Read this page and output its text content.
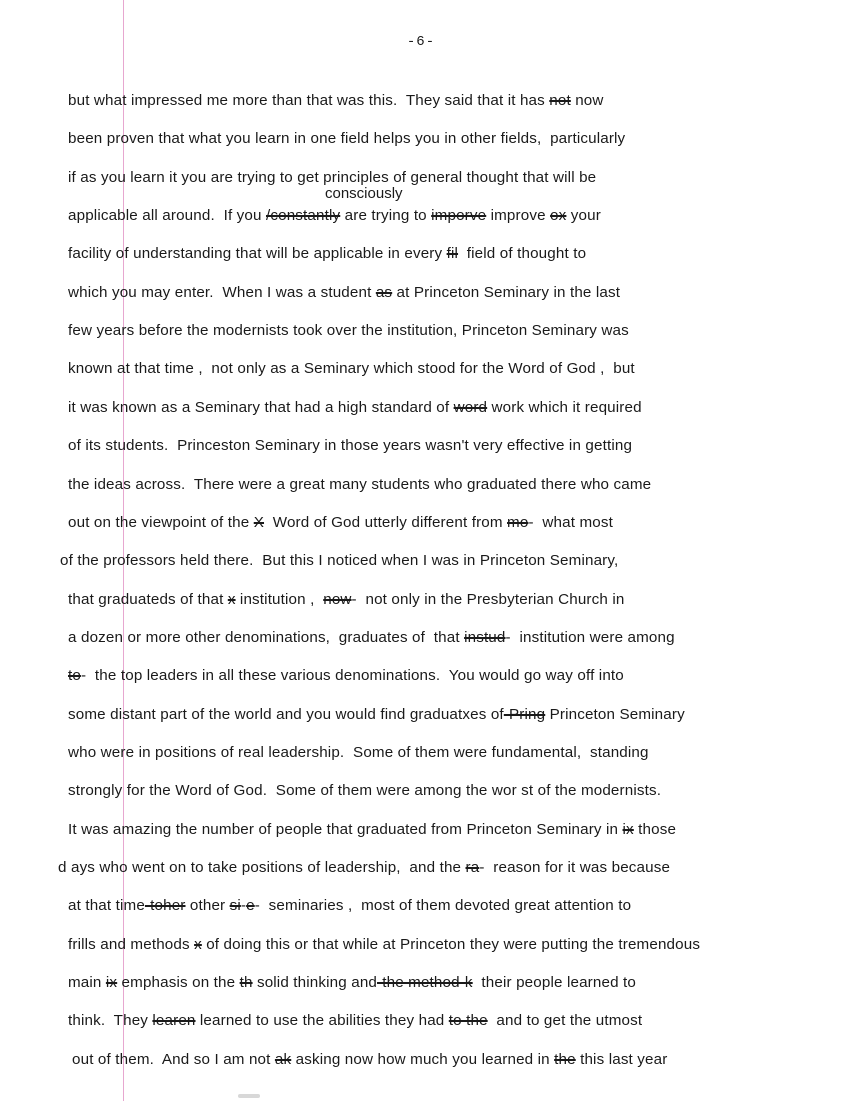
-6-
consciously
but what impressed me more than that was this.  They said that it has not now
been proven that what you learn in one field helps you in other fields,  particularly
if as you learn it you are trying to get principles of general thought that will be
applicable all around.  If you /constantly are trying to imporve improve ox your
facility of understanding that will be applicable in every fil  field of thought to
which you may enter.  When I was a student as at Princeton Seminary in the last
few years before the modernists took over the institution, Princeton Seminary was
known at that time ,  not only as a Seminary which stood for the Word of God ,  but
it was known as a Seminary that had a high standard of word work which it required
of its students.  Princeston Seminary in those years wasn't very effective in getting
the ideas across.  There were a great many students who graduated there who came
out on the viewpoint of the X  Word of God utterly different from mo-  what most
of the professors held there.  But this I noticed when I was in Princeton Seminary,
that graduateds of that x institution ,  now-  not only in the Presbyterian Church in
a dozen or more other denominations,  graduates of  that instud-  institution were among
to-  the top leaders in all these various denominations.  You would go way off into
some distant part of the world and you would find graduatxes of-Pring Princeton Seminary
who were in positions of real leadership.  Some of them were fundamental,  standing
strongly for the Word of God.  Some of them were among the wor st of the modernists.
It was amazing the number of people that graduated from Princeton Seminary in ix those
d ays who went on to take positions of leadership,  and the ra-  reason for it was because
at that time-toher other si-e-  seminaries ,  most of them devoted great attention to
frills and methods x of doing this or that while at Princeton they were putting the tremendous
main ix emphasis on the th solid thinking and-the method-k  their people learned to
think.  They learen learned to use the abilities they had to the  and to get the utmost
out of them.  And so I am not ak asking now how much you learned in the this last year
